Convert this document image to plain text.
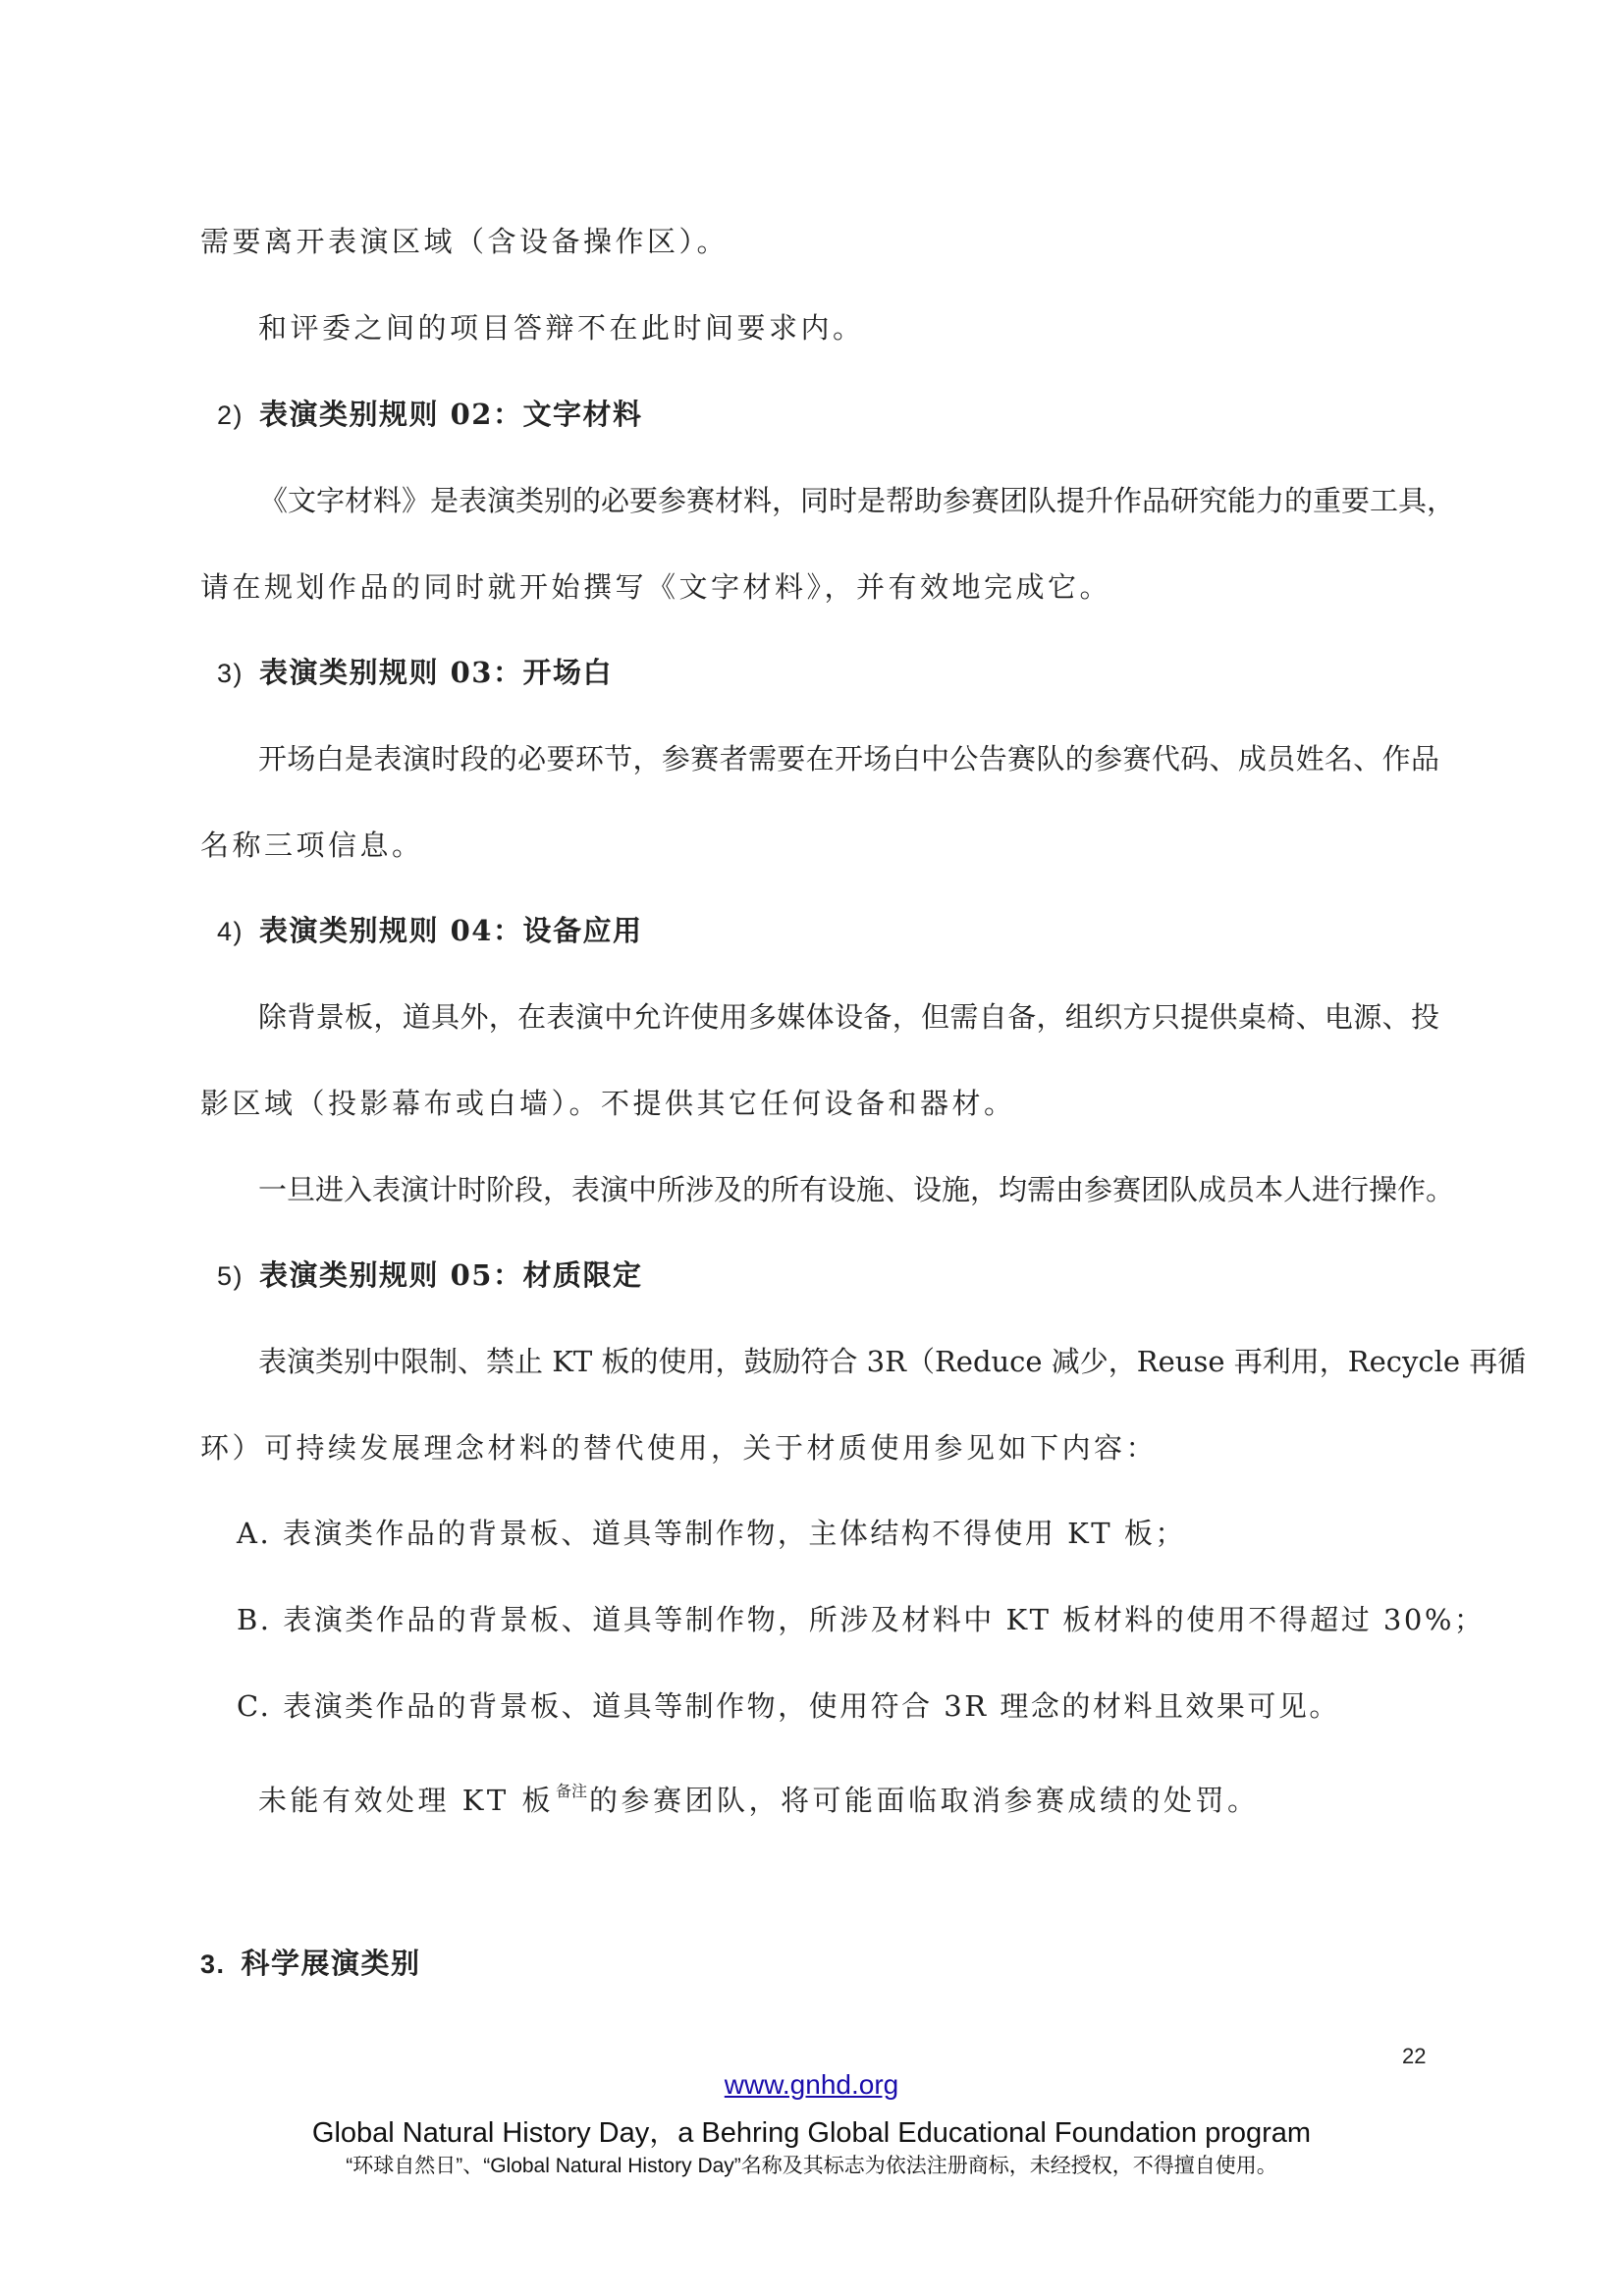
需要离开表演区域（含设备操作区）。
和评委之间的项目答辩不在此时间要求内。
2) 表演类别规则 02：文字材料
《文字材料》是表演类别的必要参赛材料，同时是帮助参赛团队提升作品研究能力的重要工具，
请在规划作品的同时就开始撰写《文字材料》，并有效地完成它。
3) 表演类别规则 03：开场白
开场白是表演时段的必要环节，参赛者需要在开场白中公告赛队的参赛代码、成员姓名、作品
名称三项信息。
4) 表演类别规则 04：设备应用
除背景板，道具外，在表演中允许使用多媒体设备，但需自备，组织方只提供桌椅、电源、投
影区域（投影幕布或白墙）。不提供其它任何设备和器材。
一旦进入表演计时阶段，表演中所涉及的所有设施、设施，均需由参赛团队成员本人进行操作。
5) 表演类别规则 05：材质限定
表演类别中限制、禁止 KT 板的使用，鼓励符合 3R（Reduce 减少，Reuse 再利用，Recycle 再循
环）可持续发展理念材料的替代使用，关于材质使用参见如下内容：
A. 表演类作品的背景板、道具等制作物，主体结构不得使用 KT 板；
B. 表演类作品的背景板、道具等制作物，所涉及材料中 KT 板材料的使用不得超过 30%；
C. 表演类作品的背景板、道具等制作物，使用符合 3R 理念的材料且效果可见。
未能有效处理 KT 板 $^{备注}$的参赛团队，将可能面临取消参赛成绩的处罚。
3. 科学展演类别
22
www.gnhd.org
Global Natural History Day，a Behring Global Educational Foundation program
“环球自然日”、“Global Natural History Day”名称及其标志为依法注册商标，未经授权，不得擅自使用。
